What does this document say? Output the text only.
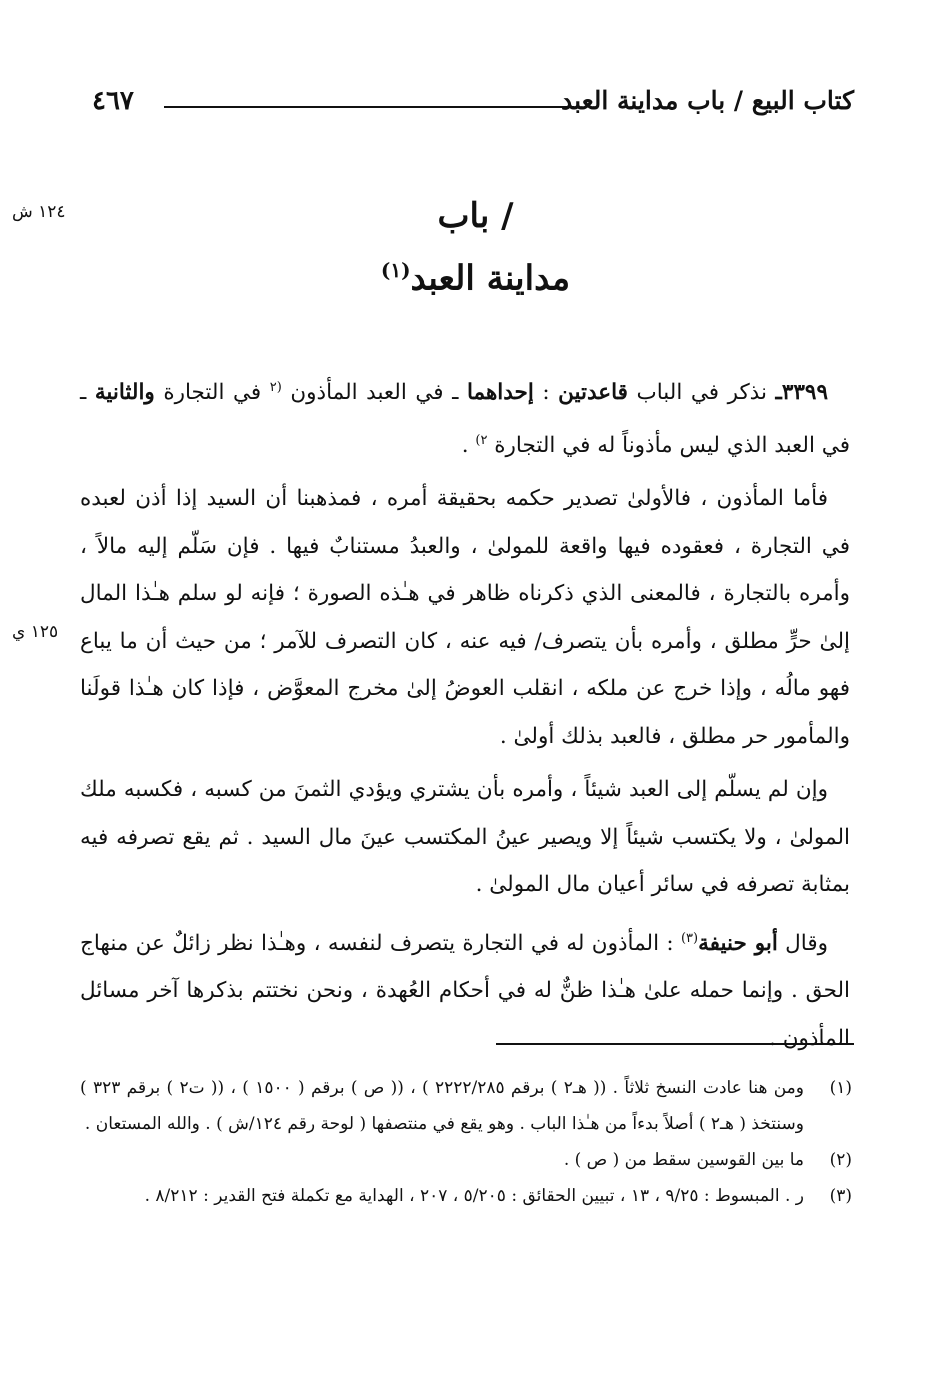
كتاب البيع / باب مداينة العبد
٤٦٧
١٢٤ ش
١٢٥ ي
/ باب
مداينة العبد$^{(١)}$

٣٣٩٩ـ نذكر في الباب قاعدتين : إحداهما ـ في العبد المأذون $^{(٢}$ في التجارة والثانية ـ في العبد الذي ليس مأذوناً له في التجارة $^{٢)}$ .

فأما المأذون ، فالأولىٰ تصدير حكمه بحقيقة أمره ، فمذهبنا أن السيد إذا أذن لعبده في التجارة ، فعقوده فيها واقعة للمولىٰ ، والعبدُ مستنابٌ فيها . فإن سَلّم إليه مالاً ، وأمره بالتجارة ، فالمعنى الذي ذكرناه ظاهر في هـٰذه الصورة ؛ فإنه لو سلم هـٰذا المال إلىٰ حرٍّ مطلق ، وأمره بأن يتصرف/ فيه عنه ، كان التصرف للآمر ؛ من حيث أن ما يباع فهو مالُه ، وإذا خرج عن ملكه ، انقلب العوضُ إلىٰ مخرج المعوَّض ، فإذا كان هـٰذا قولَنا والمأمور حر مطلق ، فالعبد بذلك أولىٰ .

وإن لم يسلّم إلى العبد شيئاً ، وأمره بأن يشتري ويؤدي الثمنَ من كسبه ، فكسبه ملك المولىٰ ، ولا يكتسب شيئاً إلا ويصير عينُ المكتسب عينَ مال السيد . ثم يقع تصرفه فيه بمثابة تصرفه في سائر أعيان مال المولىٰ .

وقال أبو حنيفة$^{(٣)}$ : المأذون له في التجارة يتصرف لنفسه ، وهـٰذا نظر زائلٌ عن منهاج الحق . وإنما حمله علىٰ هـٰذا ظنٌّ له في أحكام العُهدة ، ونحن نختتم بذكرها آخر مسائل المأذون .

(١)
ومن هنا عادت النسخ ثلاثاً . (( هـ٢ ) برقم ٢٢٢٢/٢٨٥ ) ، (( ص ) برقم ( ١٥٠٠ ) ، (( ت٢ ) برقم ٣٢٣ ) وسنتخذ ( هـ٢ ) أصلاً بدءاً من هـٰذا الباب . وهو يقع في منتصفها ( لوحة رقم ١٢٤/ش ) . والله المستعان .
(٢)
ما بين القوسين سقط من ( ص ) .
(٣)
ر . المبسوط : ٩/٢٥ ، ١٣ ، تبيين الحقائق : ٥/٢٠٥ ، ٢٠٧ ، الهداية مع تكملة فتح القدير : ٨/٢١٢ .
